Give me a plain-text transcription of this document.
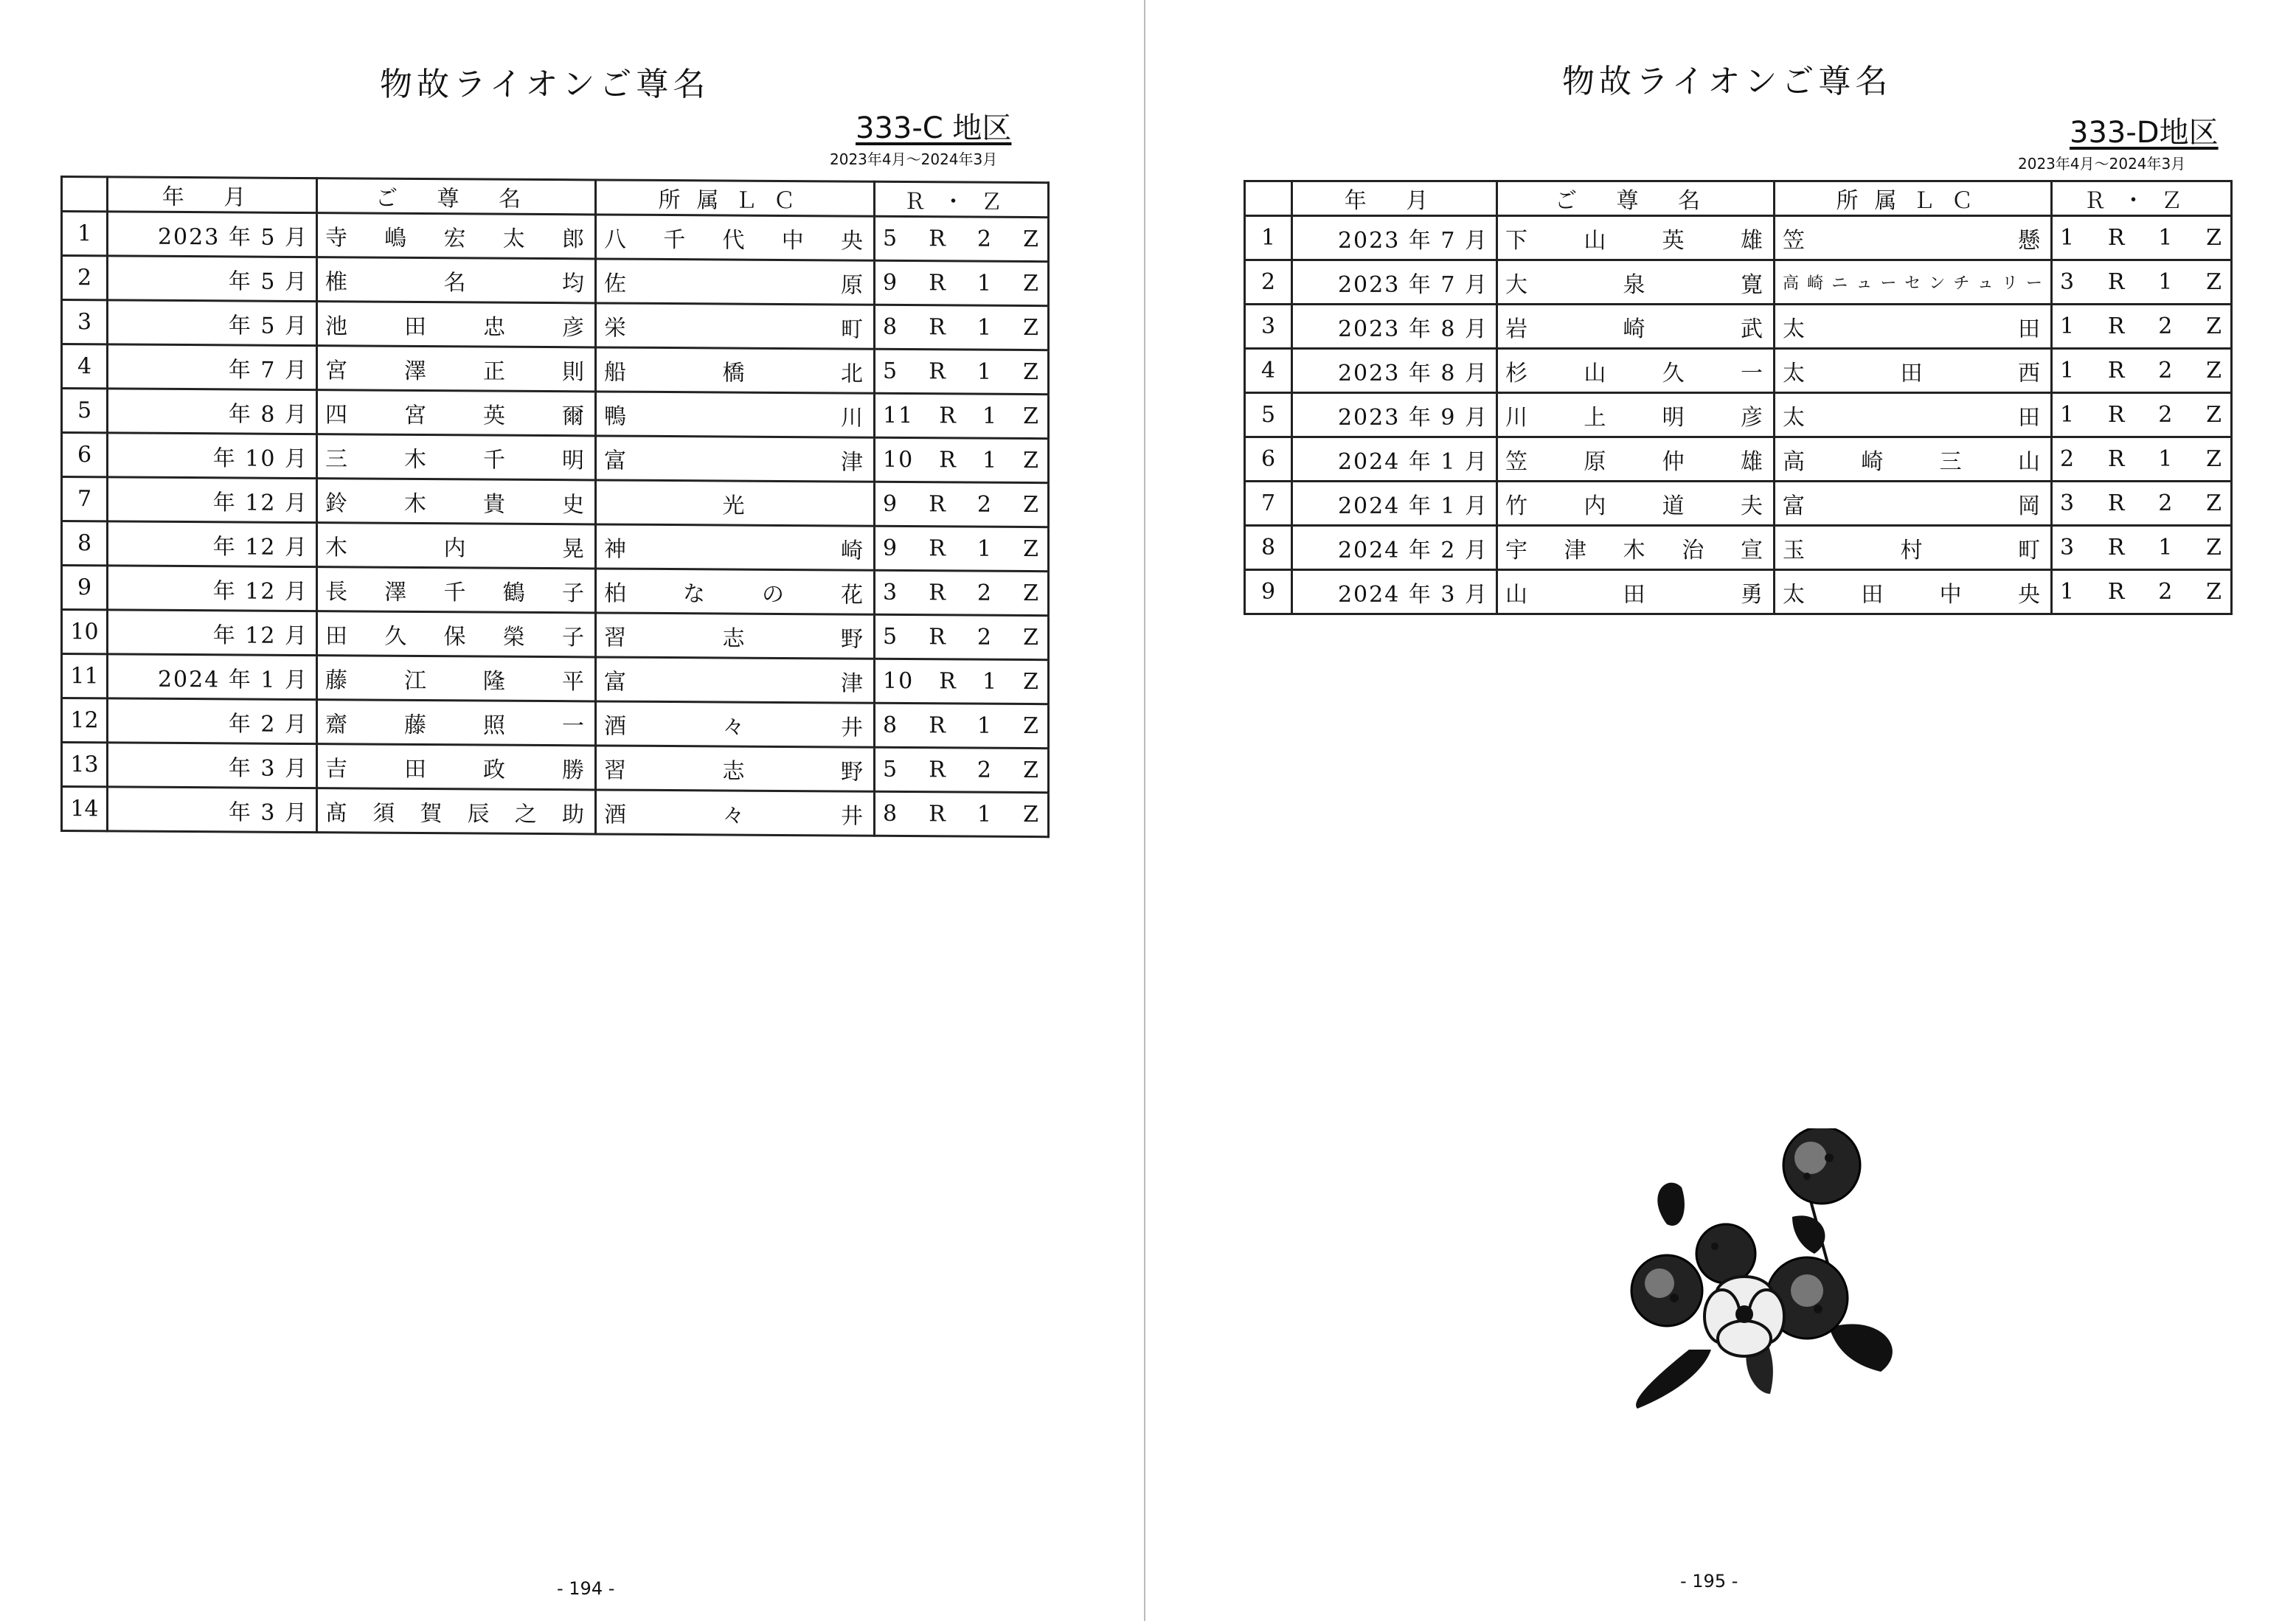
物故ライオンご尊名
333-C 地区
2023年4月～2024年3月
	年 月	ご 尊 名	所属ＬＣ	Ｒ・Ｚ
1	2023 年 5 月	寺 嶋 宏 太 郎	八 千 代 中 央	5 R 2 Z
2	年 5 月	椎 名 均	佐 原	9 R 1 Z
3	年 5 月	池 田 忠 彦	栄 町	8 R 1 Z
4	年 7 月	宮 澤 正 則	船 橋 北	5 R 1 Z
5	年 8 月	四 宮 英 爾	鴨 川	11 R 1 Z
6	年 10 月	三 木 千 明	富 津	10 R 1 Z
7	年 12 月	鈴 木 貴 史	光	9 R 2 Z
8	年 12 月	木 内 晃	神 崎	9 R 1 Z
9	年 12 月	長 澤 千 鶴 子	柏 な の 花	3 R 2 Z
10	年 12 月	田 久 保 榮 子	習 志 野	5 R 2 Z
11	2024 年 1 月	藤 江 隆 平	富 津	10 R 1 Z
12	年 2 月	齋 藤 照 一	酒 々 井	8 R 1 Z
13	年 3 月	吉 田 政 勝	習 志 野	5 R 2 Z
14	年 3 月	髙 須 賀 辰 之 助	酒 々 井	8 R 1 Z
- 194 -
物故ライオンご尊名
333-D地区
2023年4月～2024年3月
	年 月	ご 尊 名	所属ＬＣ	Ｒ・Ｚ
1	2023 年 7 月	下 山 英 雄	笠 懸	1 R 1 Z
2	2023 年 7 月	大 泉 寛	高崎ニューセンチュリー	3 R 1 Z
3	2023 年 8 月	岩 崎 武	太 田	1 R 2 Z
4	2023 年 8 月	杉 山 久 一	太 田 西	1 R 2 Z
5	2023 年 9 月	川 上 明 彦	太 田	1 R 2 Z
6	2024 年 1 月	笠 原 仲 雄	高 崎 三 山	2 R 1 Z
7	2024 年 1 月	竹 内 道 夫	富 岡	3 R 2 Z
8	2024 年 2 月	宇 津 木 治 宣	玉 村 町	3 R 1 Z
9	2024 年 3 月	山 田 勇	太 田 中 央	1 R 2 Z
- 195 -
